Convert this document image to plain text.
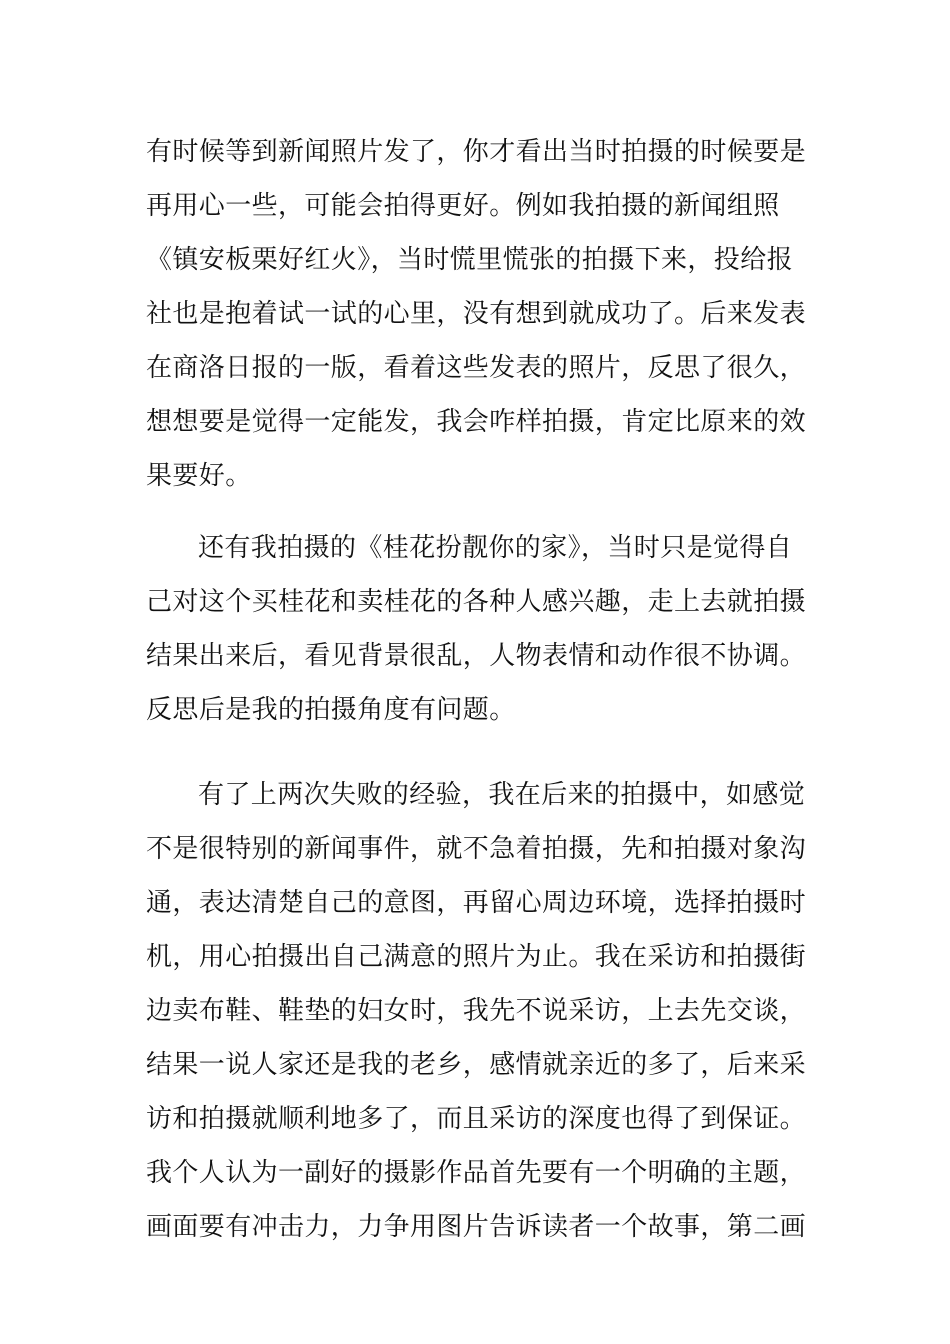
有时候等到新闻照片发了，你才看出当时拍摄的时候要是
再用心一些，可能会拍得更好。例如我拍摄的新闻组照
《镇安板栗好红火》，当时慌里慌张的拍摄下来，投给报
社也是抱着试一试的心里，没有想到就成功了。后来发表
在商洛日报的一版，看着这些发表的照片，反思了很久，
想想要是觉得一定能发，我会咋样拍摄，肯定比原来的效
果要好。
还有我拍摄的《桂花扮靓你的家》，当时只是觉得自
己对这个买桂花和卖桂花的各种人感兴趣，走上去就拍摄
结果出来后，看见背景很乱，人物表情和动作很不协调。
反思后是我的拍摄角度有问题。
有了上两次失败的经验，我在后来的拍摄中，如感觉
不是很特别的新闻事件，就不急着拍摄，先和拍摄对象沟
通，表达清楚自己的意图，再留心周边环境，选择拍摄时
机，用心拍摄出自己满意的照片为止。我在采访和拍摄街
边卖布鞋、鞋垫的妇女时，我先不说采访，上去先交谈，
结果一说人家还是我的老乡，感情就亲近的多了，后来采
访和拍摄就顺利地多了，而且采访的深度也得了到保证。
我个人认为一副好的摄影作品首先要有一个明确的主题，
画面要有冲击力，力争用图片告诉读者一个故事，第二画
